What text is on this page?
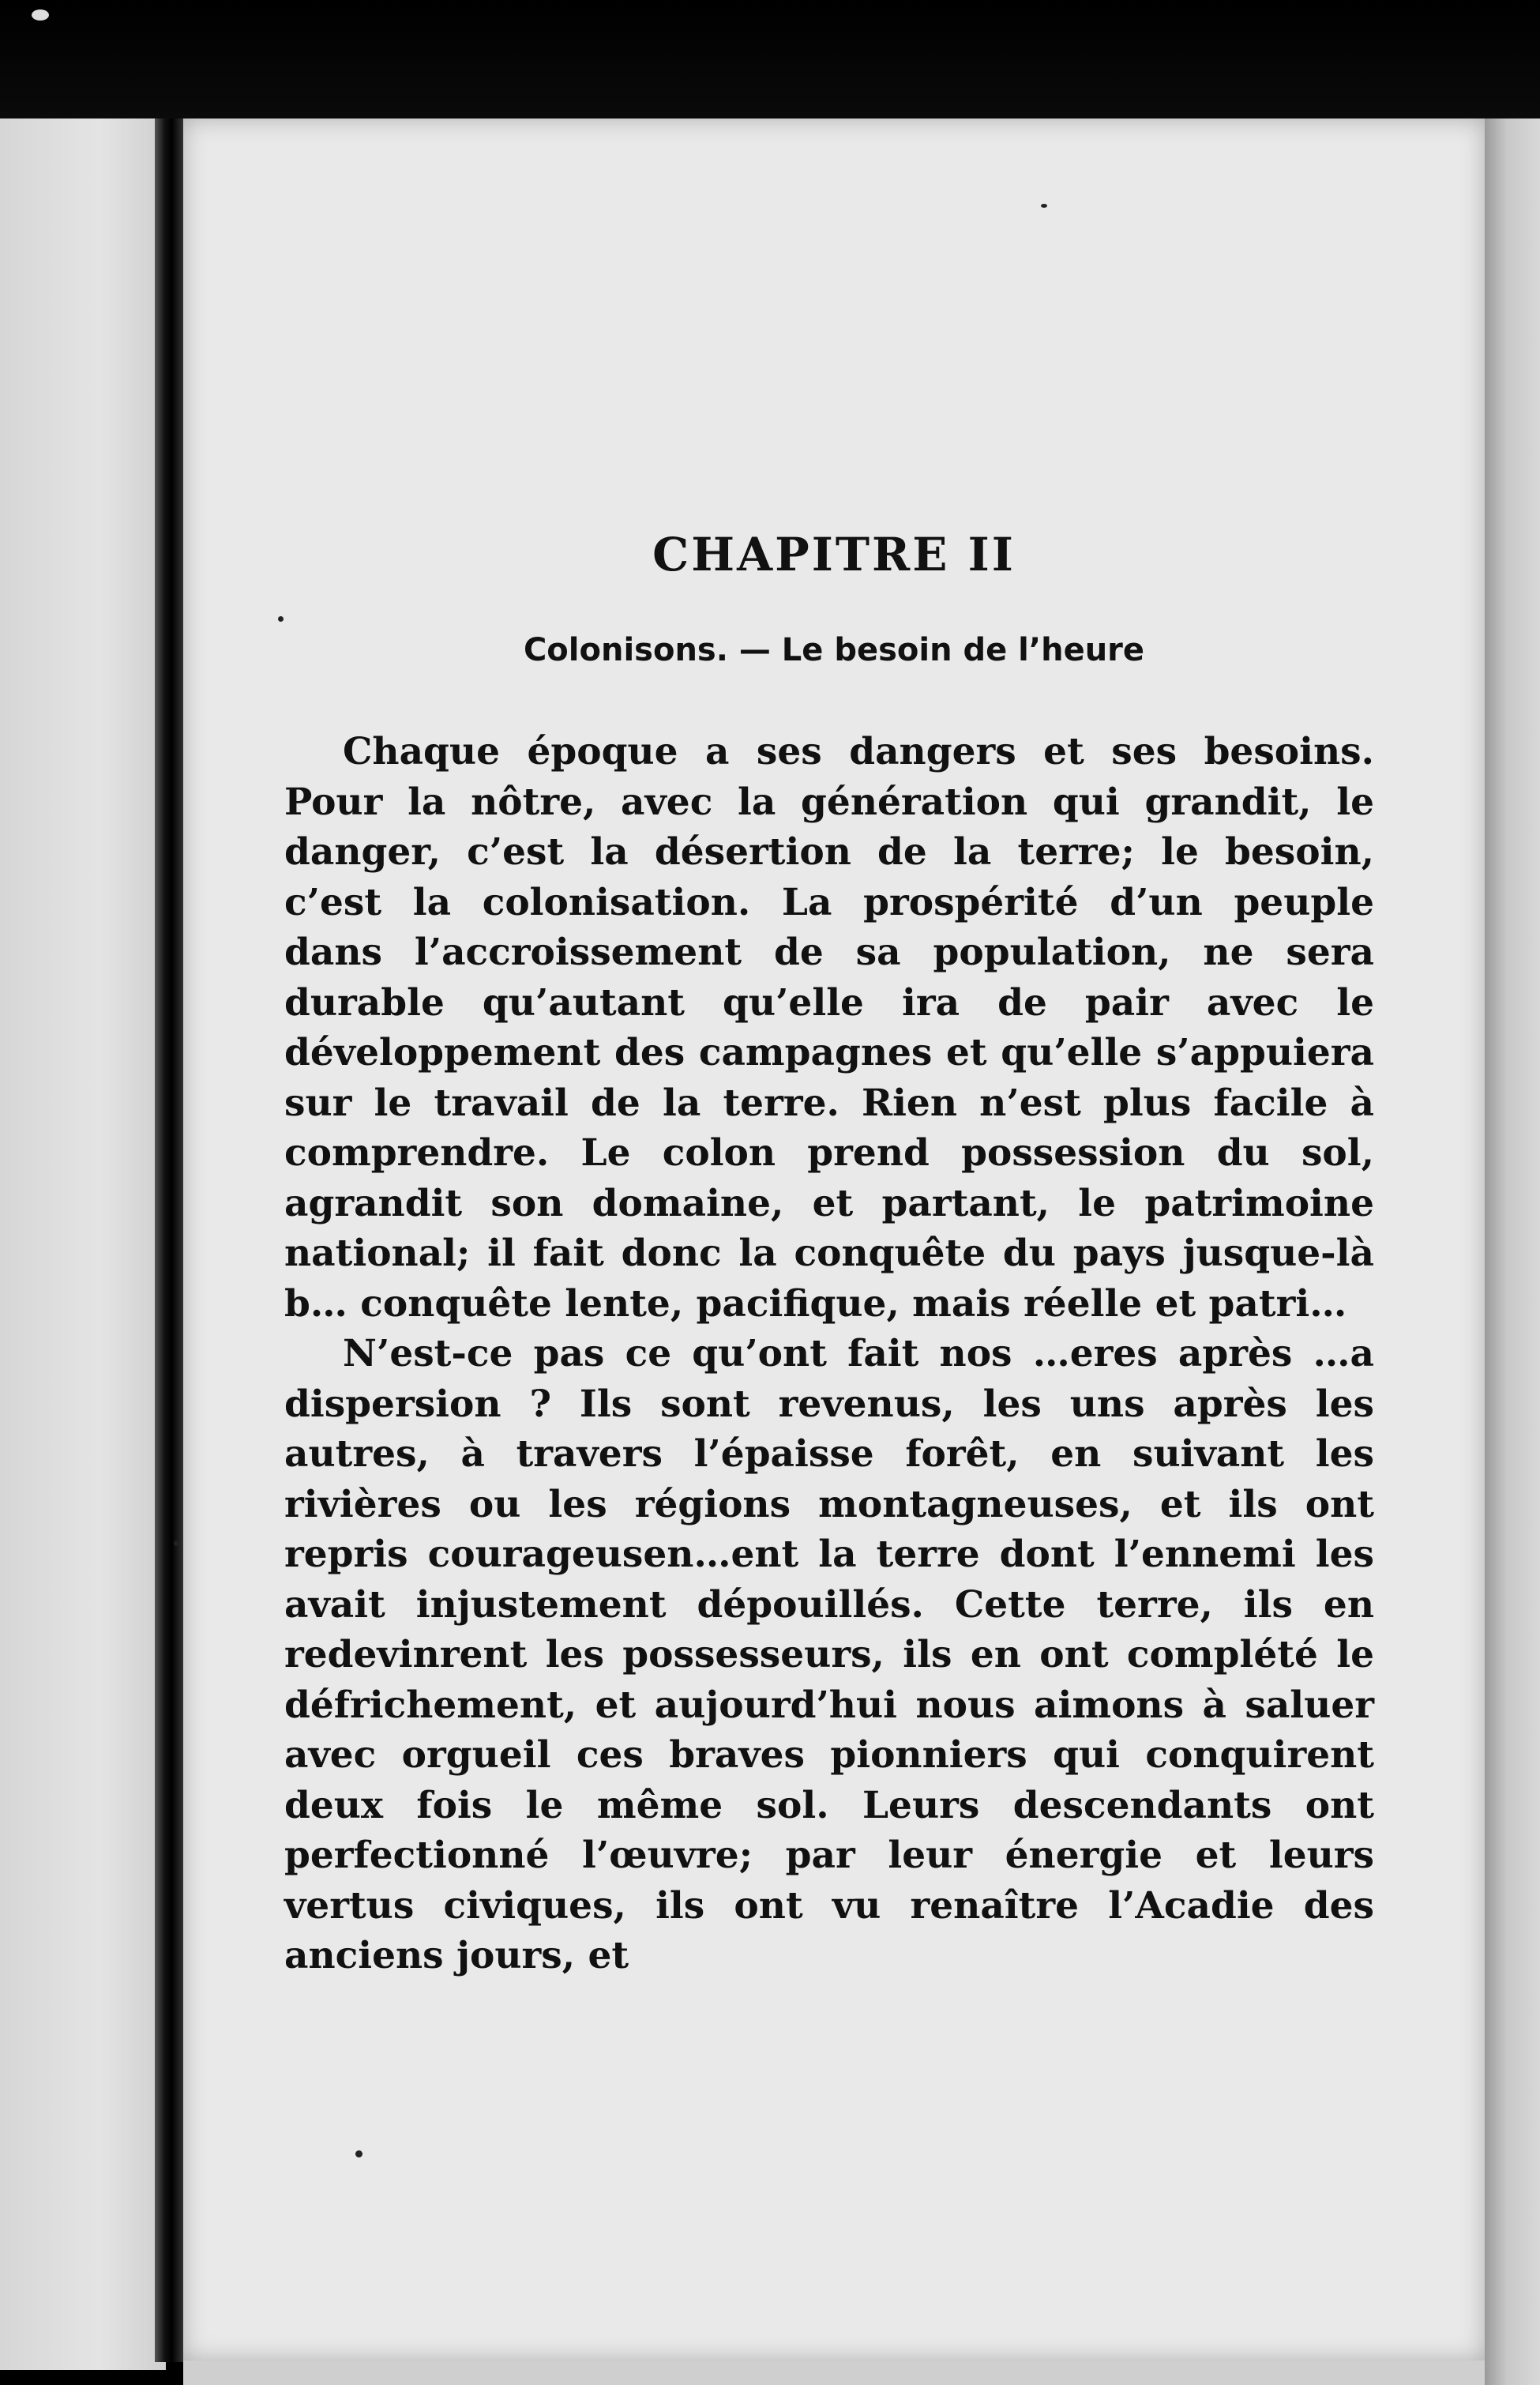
CHAPITRE II
Colonisons. — Le besoin de l’heure

Chaque époque a ses dangers et ses besoins. Pour la nôtre, avec la génération qui grandit, le danger, c’est la désertion de la terre; le besoin, c’est la colonisation. La prospérité d’un peuple dans l’accroissement de sa population, ne sera durable qu’autant qu’elle ira de pair avec le développement des campagnes et qu’elle s’appuiera sur le travail de la terre. Rien n’est plus facile à comprendre. Le colon prend possession du sol, agrandit son domaine, et partant, le patrimoine national; il fait donc la conquête du pays jusque-là b… conquête lente, pacifique, mais réelle et patri…

N’est-ce pas ce qu’ont fait nos …eres après …a dispersion ? Ils sont revenus, les uns après les autres, à travers l’épaisse forêt, en suivant les rivières ou les régions montagneuses, et ils ont repris courageusen…ent la terre dont l’ennemi les avait injustement dépouillés. Cette terre, ils en redevinrent les possesseurs, ils en ont complété le défrichement, et aujourd’hui nous aimons à saluer avec orgueil ces braves pionniers qui conquirent deux fois le même sol. Leurs descendants ont perfectionné l’œuvre; par leur énergie et leurs vertus civiques, ils ont vu renaître l’Acadie des anciens jours, et
